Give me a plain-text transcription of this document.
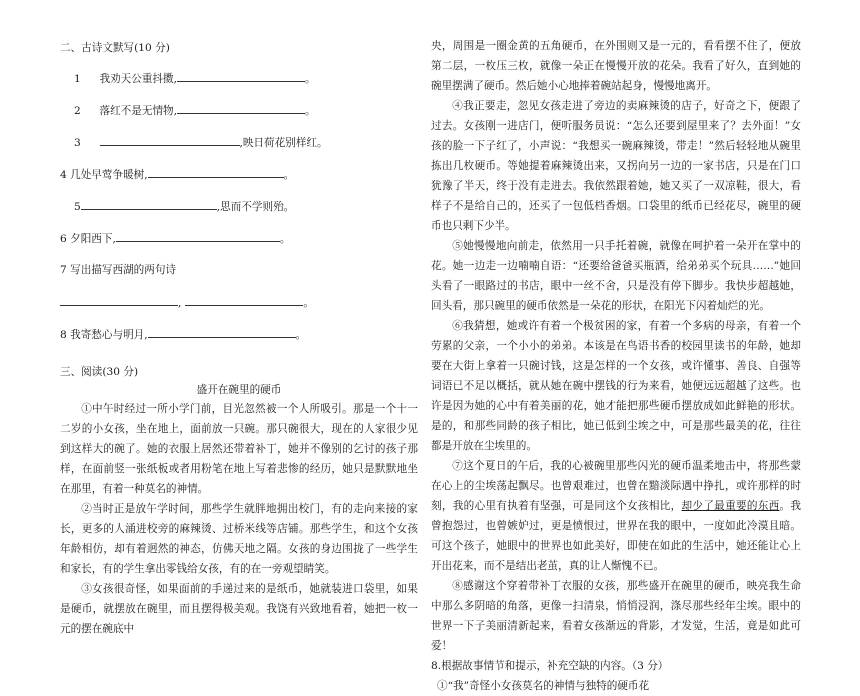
二、古诗文默写(10 分)
1 我劝天公重抖擞,	。
2 落红不是无情物,	。
3	,映日荷花别样红。
4 几处早莺争暖树,	。
5	,思而不学则殆。
6 夕阳西下,	。
7 写出描写西湖的两句诗
,	。
8 我寄愁心与明月,	。
三、阅读(30 分)
盛开在碗里的硬币

①中午时经过一所小学门前，目光忽然被一个人所吸引。那是一个十一二岁的小女孩，坐在地上，面前放一只碗。那只碗很大，现在的人家很少见到这样大的碗了。她的衣服上居然还带着补丁，她并不像别的乞讨的孩子那样，在面前竖一张纸板或者用粉笔在地上写着悲惨的经历，她只是默默地坐在那里，有着一种莫名的神情。

②当时正是放午学时间，那些学生就胖地拥出校门，有的走向来接的家长，更多的人涌进校旁的麻辣烫、过桥米线等店铺。那些学生，和这个女孩年龄相仿，却有着迥然的神态，仿佛天地之隔。女孩的身边围拢了一些学生和家长，有的学生拿出零钱给女孩，有的在一旁观望睛笑。

③女孩很奇怪，如果面前的手递过来的是纸币，她就装进口袋里，如果是硬币，就摆放在碗里，而且摆得极美观。我饶有兴致地看着，她把一枚一元的摆在碗底中

央，周围是一圈金黄的五角硬币，在外围则又是一元的，看看摆不住了，便放第二层，一枚压三枚，就像一朵正在慢慢开放的花朵。我看了好久，直到她的碗里摆满了硬币。然后她小心地捧着碗站起身，慢慢地离开。

④我正要走，忽见女孩走进了旁边的卖麻辣烫的店子，好奇之下，便跟了过去。女孩刚一进店门，便听服务员说：“怎么还要到屋里来了？去外面！”女孩的脸一下子红了，小声说：“我想买一碗麻辣烫，带走！”然后轻轻地从碗里拣出几枚硬币。等她提着麻辣烫出来，又拐向另一边的一家书店，只是在门口犹豫了半天，终于没有走进去。我依然跟着她，她又买了一双凉鞋，很大，看样子不是给自己的，还买了一包低档香烟。口袋里的纸币已经花尽，碗里的硬币也只剩下少半。

⑤她慢慢地向前走，依然用一只手托着碗，就像在呵护着一朵开在掌中的花。她一边走一边喃喃自语：“还要给爸爸买瓶酒，给弟弟买个玩具……”她回头看了一眼路过的书店，眼中一丝不舍，只是没有停下脚步。我快步超越她，回头看，那只碗里的硬币依然是一朵花的形状，在阳光下闪着灿烂的光。

⑥我猜想，她或许有着一个极贫困的家，有着一个多病的母亲，有着一个劳累的父亲，一个小小的弟弟。本该是在鸟语书香的校园里读书的年龄，她却要在大街上拿着一只碗讨钱，这是怎样的一个女孩，或许懂事、善良、自强等词语已不足以概括，就从她在碗中摆钱的行为来看，她便远远超越了这些。也许是因为她的心中有着美丽的花，她才能把那些硬币摆放成如此鲜艳的形状。是的，和那些同龄的孩子相比，她已低到尘埃之中，可是那些最美的花，往往都是开放在尘埃里的。

⑦这个夏日的午后，我的心被碗里那些闪光的硬币温柔地击中，将那些蒙在心上的尘埃荡起飘尽。也曾艰难过，也曾在黯淡际遇中挣扎，或许那样的时刻，我的心里有执着有坚强，可是同这个女孩相比，却少了最重要的东西。我曾抱怨过，也曾嫉妒过，更是愤恨过，世界在我的眼中，一度如此冷漠且暗。可这个孩子，她眼中的世界也如此美好，即使在如此的生活中，她还能让心上开出花来，而不是结出老茧，真的让人惭愧不已。

⑧感谢这个穿着带补丁衣服的女孩，那些盛开在碗里的硬币，映亮我生命中那么多阴暗的角落，更像一扫清泉，悄悄浸润，涤尽那些经年尘埃。眼中的世界一下子美丽清新起来，看着女孩渐远的背影，才发觉，生活，竟是如此可爱！

8.根据故事情节和提示，补充空缺的内容。（3 分）

①“我”奇怪小女孩莫名的神情与独特的硬币花
